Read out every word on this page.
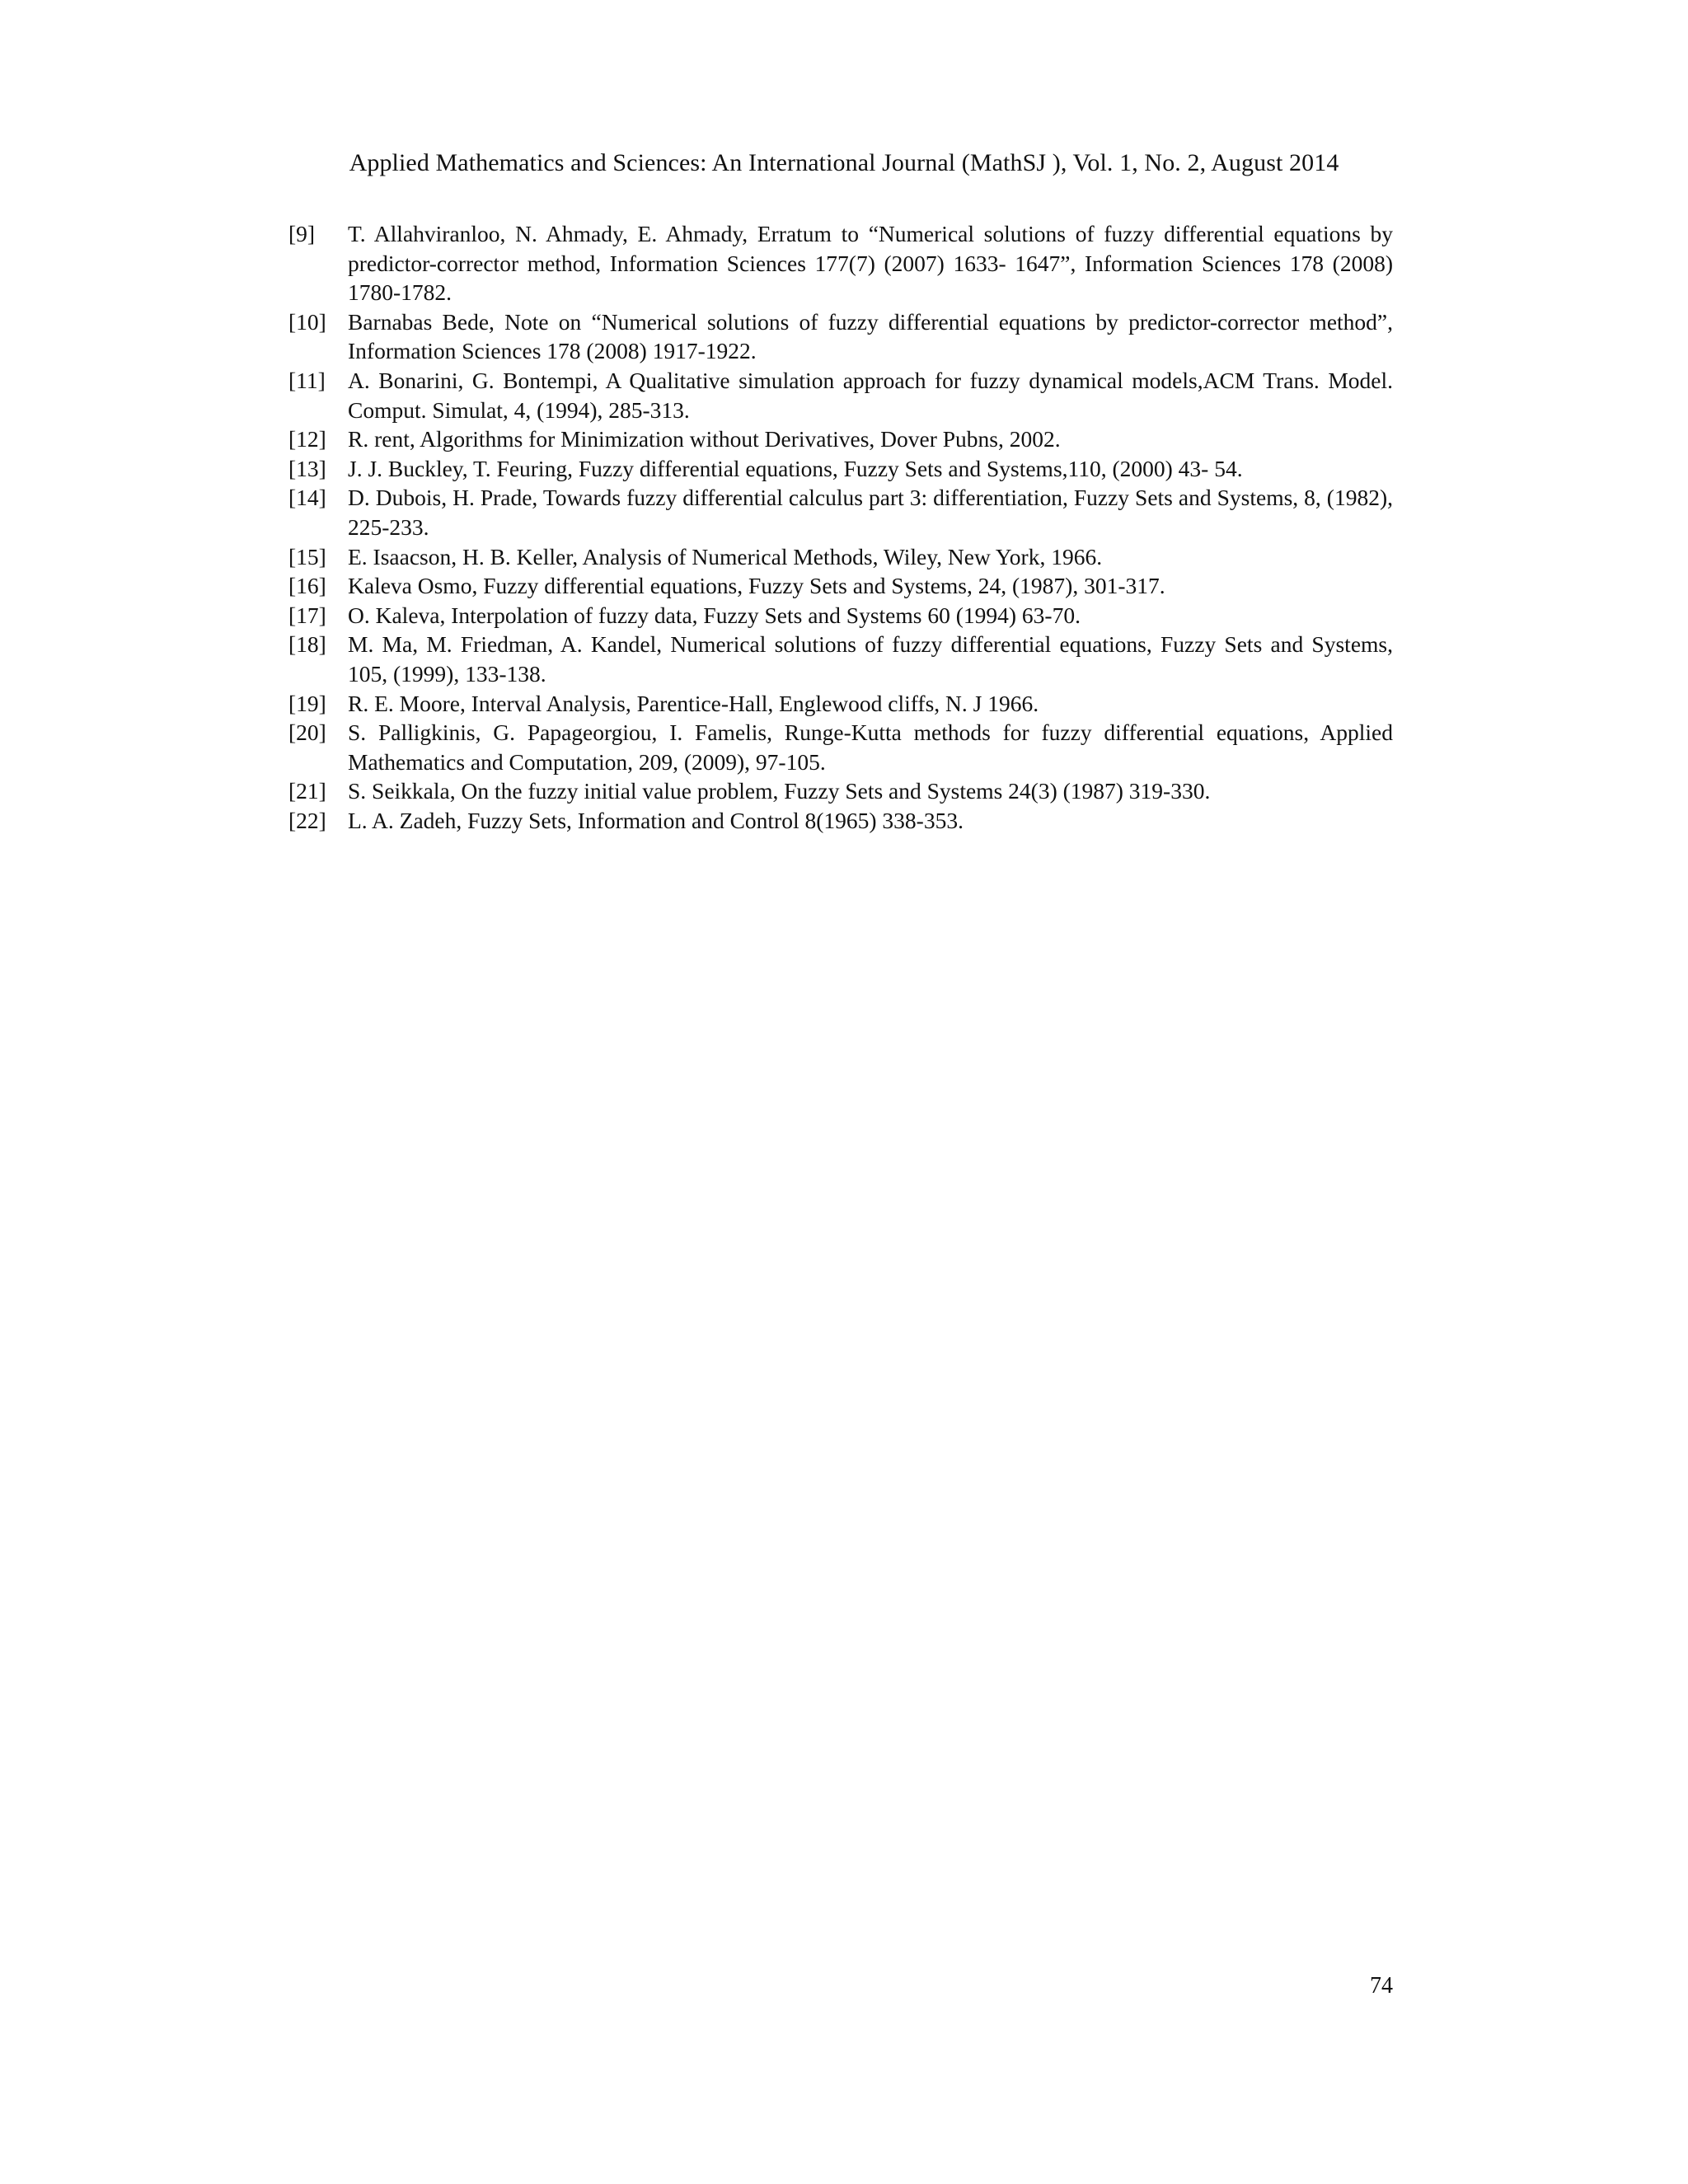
Applied Mathematics and Sciences: An International Journal (MathSJ ), Vol. 1, No. 2, August 2014
[9]	T. Allahviranloo, N. Ahmady, E. Ahmady, Erratum to “Numerical solutions of fuzzy differential equations by predictor-corrector method, Information Sciences 177(7) (2007) 1633- 1647”, Information Sciences 178 (2008) 1780-1782.
[10] Barnabas Bede, Note on “Numerical solutions of fuzzy differential equations by predictor-corrector method”, Information Sciences 178 (2008) 1917-1922.
[11] A. Bonarini, G. Bontempi, A Qualitative simulation approach for fuzzy dynamical models,ACM Trans. Model. Comput. Simulat, 4, (1994), 285-313.
[12] R. rent, Algorithms for Minimization without Derivatives, Dover Pubns, 2002.
[13] J. J. Buckley, T. Feuring, Fuzzy differential equations, Fuzzy Sets and Systems,110, (2000) 43- 54.
[14] D. Dubois, H. Prade, Towards fuzzy differential calculus part 3: differentiation, Fuzzy Sets and Systems, 8, (1982), 225-233.
[15] E. Isaacson, H. B. Keller, Analysis of Numerical Methods, Wiley, New York, 1966.
[16] Kaleva Osmo, Fuzzy differential equations, Fuzzy Sets and Systems, 24, (1987), 301-317.
[17] O. Kaleva, Interpolation of fuzzy data, Fuzzy Sets and Systems 60 (1994) 63-70.
[18] M. Ma, M. Friedman, A. Kandel, Numerical solutions of fuzzy differential equations, Fuzzy Sets and Systems, 105, (1999), 133-138.
[19] R. E. Moore, Interval Analysis, Parentice-Hall, Englewood cliffs, N. J 1966.
[20] S. Palligkinis, G. Papageorgiou, I. Famelis, Runge-Kutta methods for fuzzy differential equations, Applied Mathematics and Computation, 209, (2009), 97-105.
[21] S. Seikkala, On the fuzzy initial value problem, Fuzzy Sets and Systems 24(3) (1987) 319-330.
[22] L. A. Zadeh, Fuzzy Sets, Information and Control 8(1965) 338-353.
74
